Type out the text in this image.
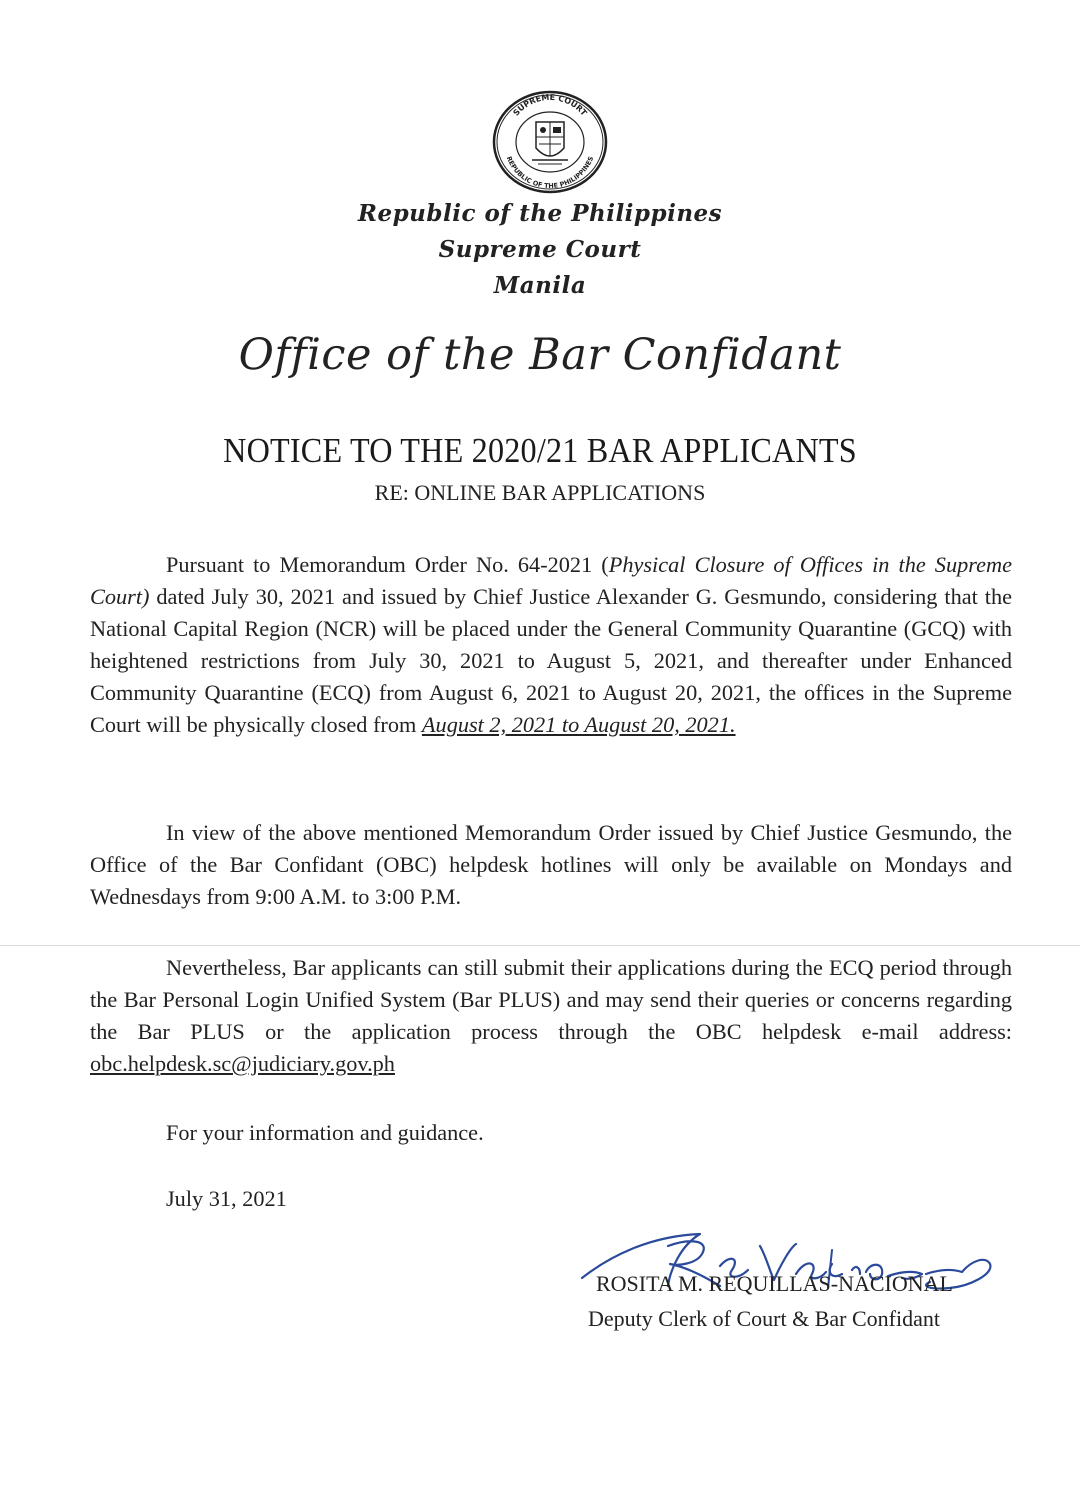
SUPREME COURT
REPUBLIC OF THE PHILIPPINES
Republic of the Philippines
Supreme Court
Manila
Office of the Bar Confidant
NOTICE TO THE 2020/21 BAR APPLICANTS
RE: ONLINE BAR APPLICATIONS
Pursuant to Memorandum Order No. 64-2021 (Physical Closure of Offices in the Supreme Court) dated July 30, 2021 and issued by Chief Justice Alexander G. Gesmundo, considering that the National Capital Region (NCR) will be placed under the General Community Quarantine (GCQ) with heightened restrictions from July 30, 2021 to August 5, 2021, and thereafter under Enhanced Community Quarantine (ECQ) from August 6, 2021 to August 20, 2021, the offices in the Supreme Court will be physically closed from August 2, 2021 to August 20, 2021.
In view of the above mentioned Memorandum Order issued by Chief Justice Gesmundo, the Office of the Bar Confidant (OBC) helpdesk hotlines will only be available on Mondays and Wednesdays from 9:00 A.M. to 3:00 P.M.
Nevertheless, Bar applicants can still submit their applications during the ECQ period through the Bar Personal Login Unified System (Bar PLUS) and may send their queries or concerns regarding the Bar PLUS or the application process through the OBC helpdesk e-mail address: obc.helpdesk.sc@judiciary.gov.ph
For your information and guidance.
July 31, 2021
ROSITA M. REQUILLAS-NACIONAL
Deputy Clerk of Court & Bar Confidant
